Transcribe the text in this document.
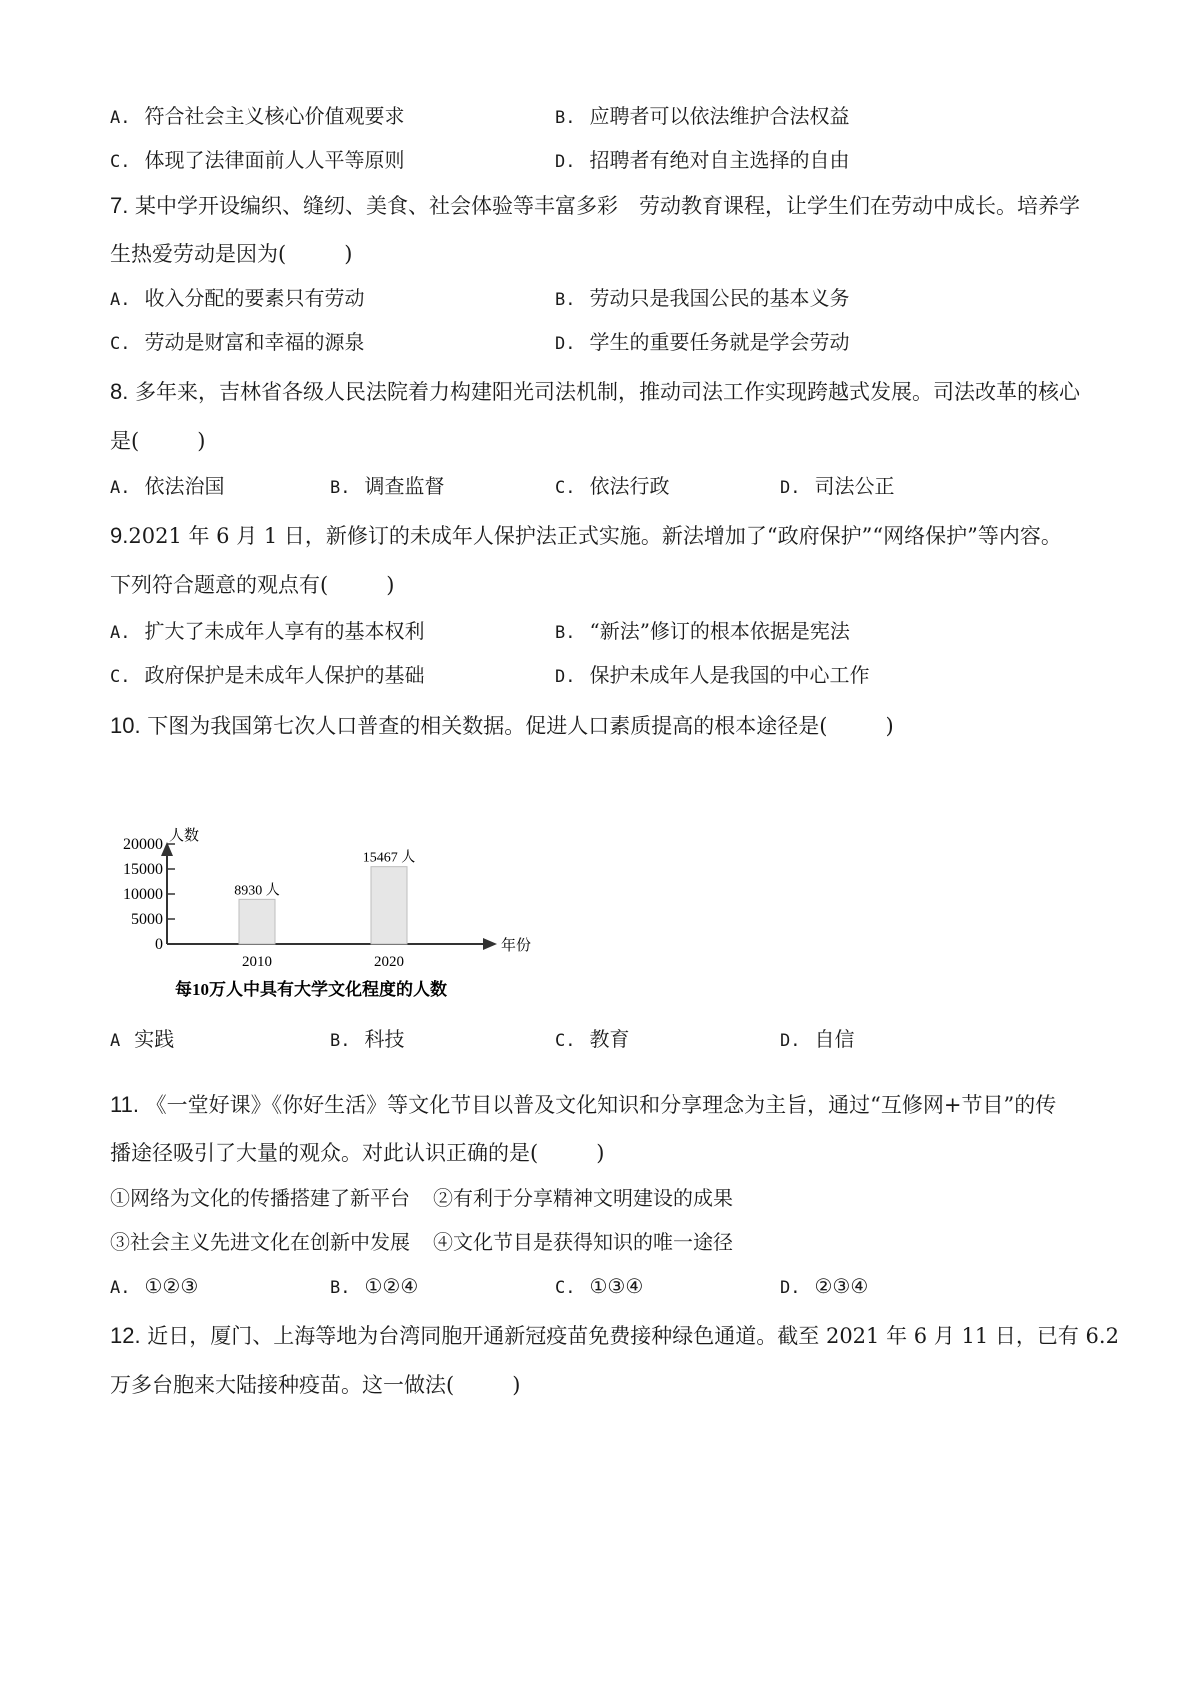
A. 符合社会主义核心价值观要求	B. 应聘者可以依法维护合法权益
C. 体现了法律面前人人平等原则	D. 招聘者有绝对自主选择的自由
7. 某中学开设编织、缝纫、美食、社会体验等丰富多彩　劳动教育课程，让学生们在劳动中成长。培养学
生热爱劳动是因为(	)
A. 收入分配的要素只有劳动	B. 劳动只是我国公民的基本义务
C. 劳动是财富和幸福的源泉	D. 学生的重要任务就是学会劳动
8. 多年来，吉林省各级人民法院着力构建阳光司法机制，推动司法工作实现跨越式发展。司法改革的核心
是(	)
A. 依法治国	B. 调查监督	C. 依法行政	D. 司法公正
9.2021 年 6 月 1 日，新修订的未成年人保护法正式实施。新法增加了“政府保护”“网络保护”等内容。
下列符合题意的观点有(	)
A. 扩大了未成年人享有的基本权利	B. “新法”修订的根本依据是宪法
C. 政府保护是未成年人保护的基础	D. 保护未成年人是我国的中心工作
10. 下图为我国第七次人口普查的相关数据。促进人口素质提高的根本途径是(	)
人数
年份
0
5000
10000
15000
20000
8930 人
2010
15467 人
2020
每10万人中具有大学文化程度的人数
A 实践	B. 科技	C. 教育	D. 自信
11. 《一堂好课》《你好生活》等文化节目以普及文化知识和分享理念为主旨，通过“互修网+节目”的传
播途径吸引了大量的观众。对此认识正确的是(	)
①网络为文化的传播搭建了新平台 ②有利于分享精神文明建设的成果
③社会主义先进文化在创新中发展 ④文化节目是获得知识的唯一途径
A. ①②③	B. ①②④	C. ①③④	D. ②③④
12. 近日，厦门、上海等地为台湾同胞开通新冠疫苗免费接种绿色通道。截至 2021 年 6 月 11 日，已有 6.2
万多台胞来大陆接种疫苗。这一做法(	)
